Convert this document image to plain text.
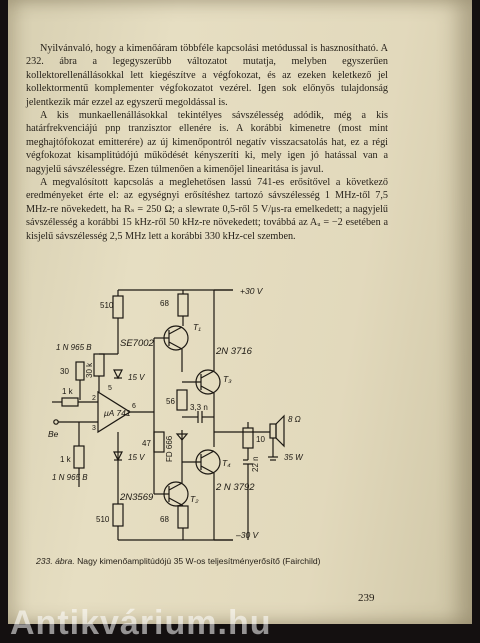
Nyilvánvaló, hogy a kimenőáram többféle kapcsolási metódussal is hasznosítható. A 232. ábra a legegyszerűbb változatot mutatja, melyben egyszerűen kollektorellenállásokkal lett kiegészítve a végfokozat, és az ezeken keletkező jel kollektormentű komplementer végfokozatot vezérel. Igen sok előnyös tulajdonság jelentkezik már ezzel az egyszerű megoldással is.

A kis munkaellenállásokkal tekintélyes sávszélesség adódik, még a kis határfrekvenciájú pnp tranzisztor ellenére is. A korábbi kimenetre (most mint meghajtófokozat emitterére) az új kimenőpontról negatív visszacsatolás hat, ez a régi végfokozat kisamplitúdójú működését kényszeríti ki, mely igen jó hatással van a nagyjelű sávszélességre. Ezen túlmenően a kimenőjel linearitása is javul.

A megvalósított kapcsolás a meglehetősen lassú 741-es erősítővel a következő eredményeket érte el: az egységnyi erősítéshez tartozó sávszélesség 1 MHz-től 7,5 MHz-re növekedett, ha Rₛ = 250 Ω; a slewrate 0,5-ről 5 V/μs-ra emelkedett; a nagyjelű sávszélesség a korábbi 15 kHz-ről 50 kHz-re növekedett; továbbá az Aᵤ = −2 esetében a kisjelű sávszélesség 2,5 MHz lett a korábbi 330 kHz-cel szemben.

510	68
+30 V
T₁
SE7002
2N 3716
T₃
1 N 965 B
30 30 k	15 V
1 k
μA 741
2
3
5
6
Be
1 k
56
3,3 n
47 FD 666
15 V
10
22 n
8 Ω
35 W
T₄
2 N 3792
1 N 965 B
T₂
2N3569
510	68
–30 V
233. ábra. Nagy kimenőamplitúdójú 35 W-os teljesítményerősítő (Fairchild)
239
Antikvárium.hu
